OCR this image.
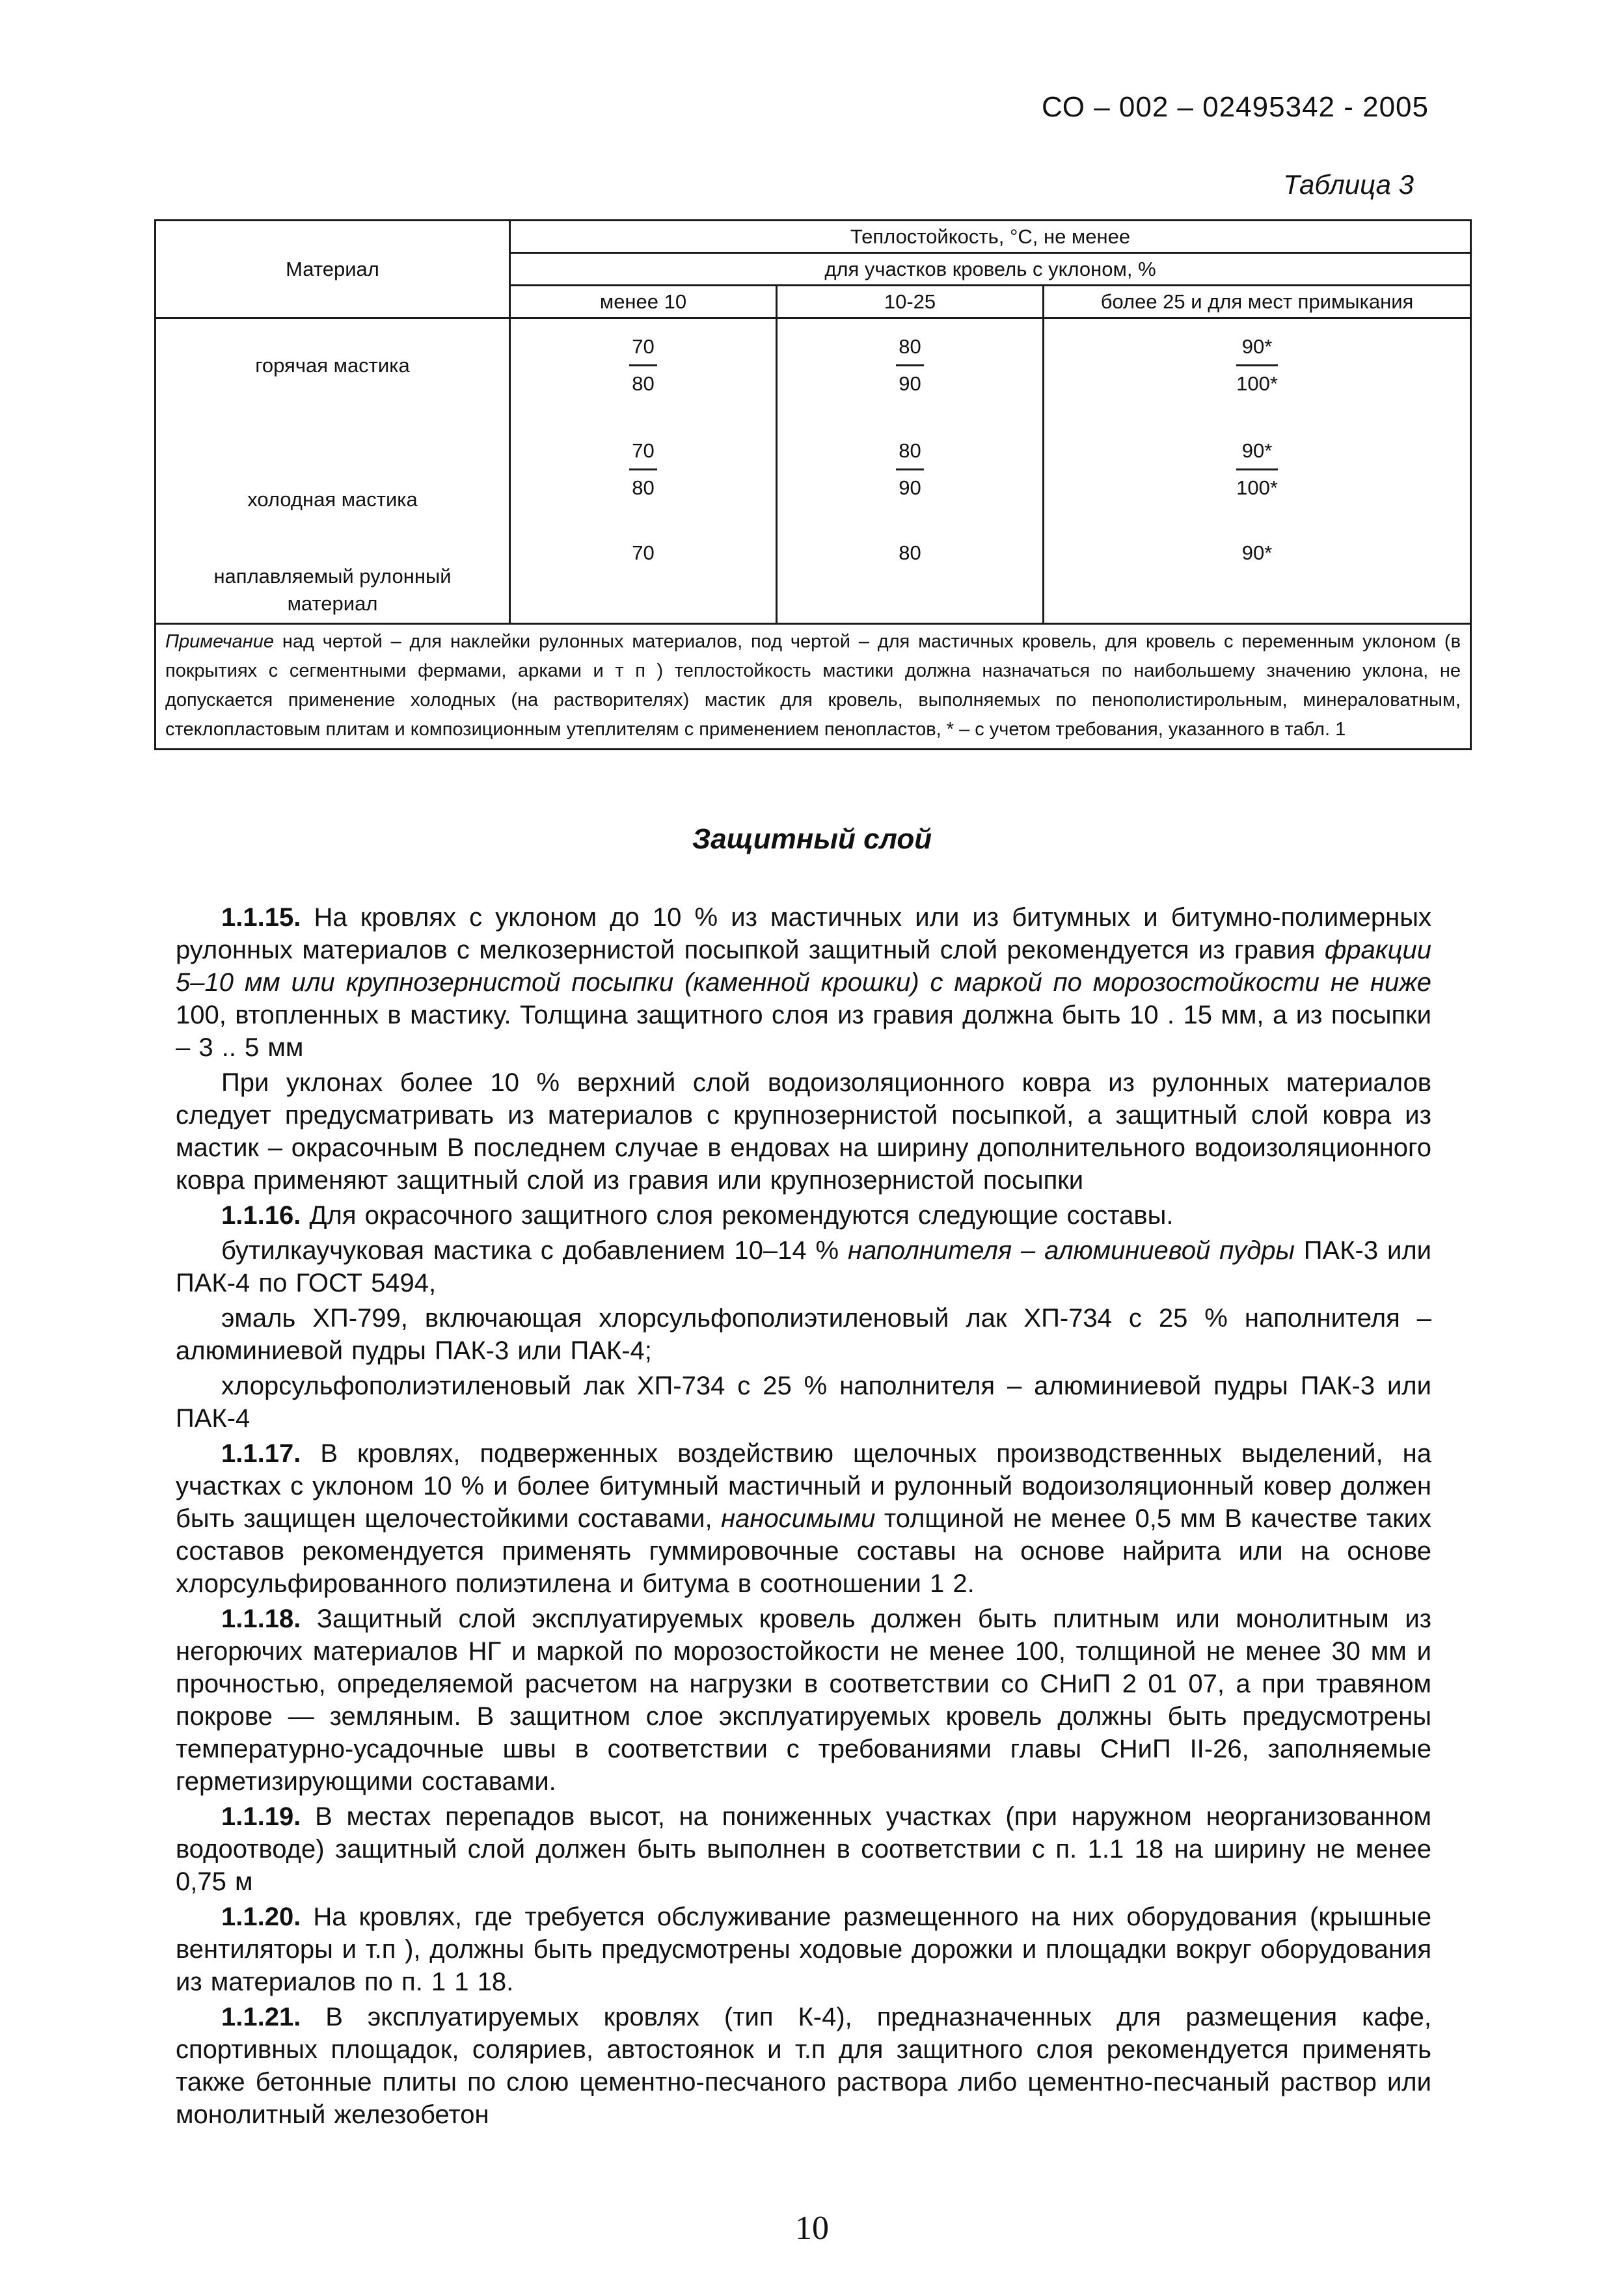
СО – 002 – 02495342 - 2005
Таблица 3
Материал	Теплостойкость, °С, не менее		
	для участков кровель с уклоном, %		
	менее 10	10-25	более 25 и для мест примыкания
горячая мастика	$\frac{70}{80}$	$\frac{80}{90}$	$\frac{90*}{100*}$

холодная мастика	$\frac{70}{80}$	$\frac{80}{90}$	$\frac{90*}{100*}$

наплавляемый рулонный материал	70	80	90*
Примечание над чертой – для наклейки рулонных материалов, под чертой – для мастичных кровель, для кровель с переменным уклоном (в покрытиях с сегментными фермами, арками и т п ) теплостойкость мастики должна назначаться по наибольшему значению уклона, не допускается применение холодных (на растворителях) мастик для кровель, выполняемых по пенополистирольным, минераловатным, стеклопластовым плитам и композиционным утеплителям с применением пенопластов, * – с учетом требования, указанного в табл. 1			
Защитный слой

1.1.15. На кровлях с уклоном до 10 % из мастичных или из битумных и битумно-полимерных рулонных материалов с мелкозернистой посыпкой защитный слой рекомендуется из гравия фракции 5–10 мм или крупнозернистой посыпки (каменной крошки) с маркой по морозостойкости не ниже 100, втопленных в мастику. Толщина защитного слоя из гравия должна быть 10 . 15 мм, а из посыпки – 3 .. 5 мм

При уклонах более 10 % верхний слой водоизоляционного ковра из рулонных материалов следует предусматривать из материалов с крупнозернистой посыпкой, а защитный слой ковра из мастик – окрасочным В последнем случае в ендовах на ширину дополнительного водоизоляционного ковра применяют защитный слой из гравия или крупнозернистой посыпки

1.1.16. Для окрасочного защитного слоя рекомендуются следующие составы.

бутилкаучуковая мастика с добавлением 10–14 % наполнителя – алюминиевой пудры ПАК-3 или ПАК-4 по ГОСТ 5494,

эмаль ХП-799, включающая хлорсульфополиэтиленовый лак ХП-734 с 25 % наполнителя – алюминиевой пудры ПАК-3 или ПАК-4;

хлорсульфополиэтиленовый лак ХП-734 с 25 % наполнителя – алюминиевой пудры ПАК-3 или ПАК-4

1.1.17. В кровлях, подверженных воздействию щелочных производственных выделений, на участках с уклоном 10 % и более битумный мастичный и рулонный водоизоляционный ковер должен быть защищен щелочестойкими составами, наносимыми толщиной не менее 0,5 мм В качестве таких составов рекомендуется применять гуммировочные составы на основе найрита или на основе хлорсульфированного полиэтилена и битума в соотношении 1 2.

1.1.18. Защитный слой эксплуатируемых кровель должен быть плитным или монолитным из негорючих материалов НГ и маркой по морозостойкости не менее 100, толщиной не менее 30 мм и прочностью, определяемой расчетом на нагрузки в соответствии со СНиП 2 01 07, а при травяном покрове — земляным. В защитном слое эксплуатируемых кровель должны быть предусмотрены температурно-усадочные швы в соответствии с требованиями главы СНиП II-26, заполняемые герметизирующими составами.

1.1.19. В местах перепадов высот, на пониженных участках (при наружном неорганизованном водоотводе) защитный слой должен быть выполнен в соответствии с п. 1.1 18 на ширину не менее 0,75 м

1.1.20. На кровлях, где требуется обслуживание размещенного на них оборудования (крышные вентиляторы и т.п ), должны быть предусмотрены ходовые дорожки и площадки вокруг оборудования из материалов по п. 1 1 18.

1.1.21. В эксплуатируемых кровлях (тип К-4), предназначенных для размещения кафе, спортивных площадок, соляриев, автостоянок и т.п для защитного слоя рекомендуется применять также бетонные плиты по слою цементно-песчаного раствора либо цементно-песчаный раствор или монолитный железобетон

10
